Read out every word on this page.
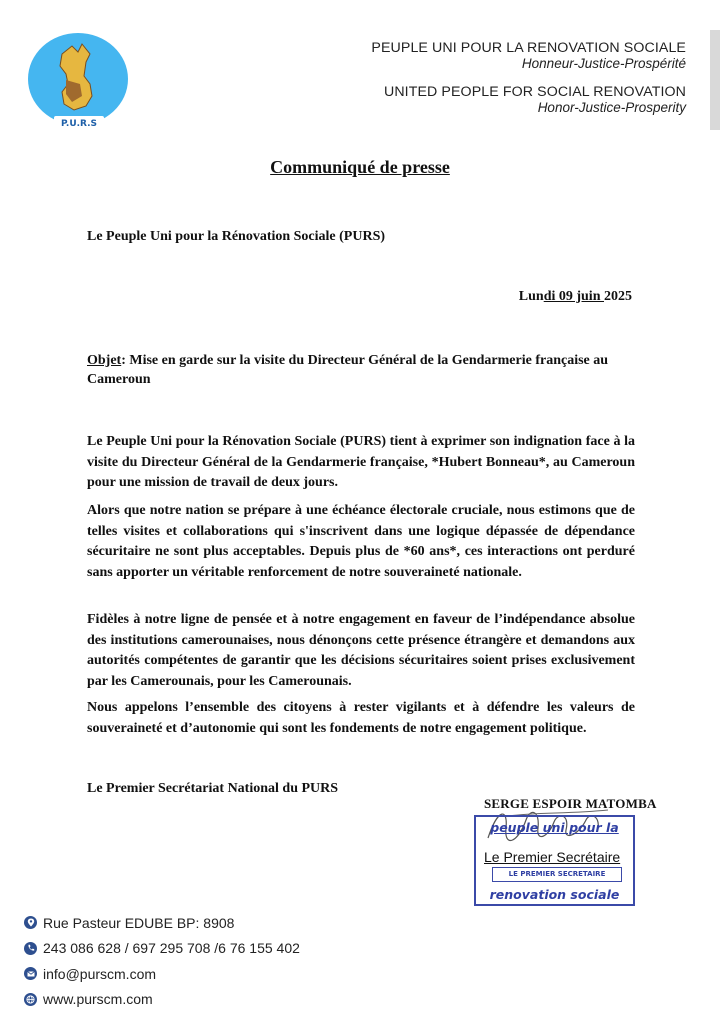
P.U.R.S
PEUPLE UNI POUR LA RENOVATION SOCIALE
Honneur-Justice-Prospérité
UNITED PEOPLE FOR SOCIAL RENOVATION
Honor-Justice-Prosperity
Communiqué de presse
Le Peuple Uni pour la Rénovation Sociale (PURS)
Lundi 09 juin 2025
Objet: Mise en garde sur la visite du Directeur Général de la Gendarmerie française au Cameroun
Le Peuple Uni pour la Rénovation Sociale (PURS) tient à exprimer son indignation face à la visite du Directeur Général de la Gendarmerie française, *Hubert Bonneau*, au Cameroun pour une mission de travail de deux jours.
Alors que notre nation se prépare à une échéance électorale cruciale, nous estimons que de telles visites et collaborations qui s'inscrivent dans une logique dépassée de dépendance sécuritaire ne sont plus acceptables. Depuis plus de *60 ans*, ces interactions ont perduré sans apporter un véritable renforcement de notre souveraineté nationale.
Fidèles à notre ligne de pensée et à notre engagement en faveur de l’indépendance absolue des institutions camerounaises, nous dénonçons cette présence étrangère et demandons aux autorités compétentes de garantir que les décisions sécuritaires soient prises exclusivement par les Camerounais, pour les Camerounais.
Nous appelons l’ensemble des citoyens à rester vigilants et à défendre les valeurs de souveraineté et d’autonomie qui sont les fondements de notre engagement politique.
Le Premier Secrétariat National du PURS
SERGE ESPOIR MATOMBA
peuple uni pour la
Le Premier Secrétaire
LE PREMIER SECRETAIRE
renovation sociale
Rue Pasteur EDUBE BP: 8908
243 086 628 / 697 295 708 /6 76 155 402
info@purscm.com
www.purscm.com
